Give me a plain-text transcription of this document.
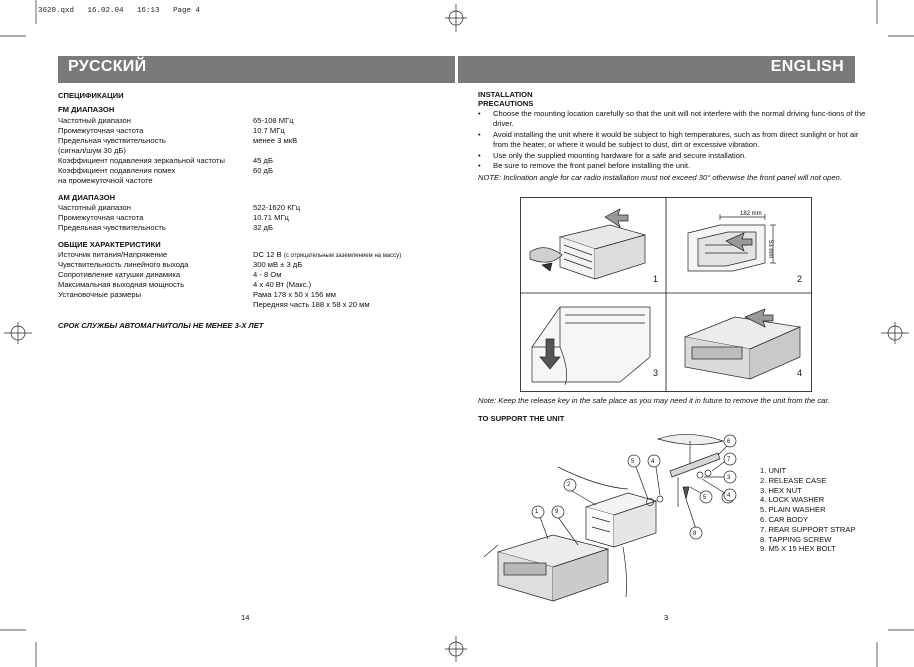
3620.qxd   16.02.04   16:13   Page 4
РУССКИЙ	ENGLISH
СПЕЦИФИКАЦИИ
FM ДИАПАЗОН
Частотный диапазон	65-108 МГц
Промежуточная частота	10.7 МГц
Предельная чувствительность	менее 3 мкВ
(сигнал/шум 30 дБ)
Коэффициент подавления зеркальной частоты	45 дБ
Коэффициент подавления помех	60 дБ
на промежуточной частоте
AM ДИАПАЗОН
Частотный диапазон	522-1620 КГц
Промежуточная частота	10.71 МГц
Предельная чувствительность	32 дБ
ОБЩИЕ ХАРАКТЕРИСТИКИ
Источник питания/Напряжение	DC 12 В (с отрицательным заземлением на массу)
Чувствительность линейного выхода	300 мВ ± 3 дБ
Сопротивление катушки динамика	4 - 8 Ом
Максимальная выходная мощность	4 x 40 Вт (Макс.)
Установочные размеры	Рама 178 x 50 x 156 мм
Передняя часть 188 x 58 x 20 мм
СРОК СЛУЖБЫ АВТОМАГНИТОЛЫ НЕ МЕНЕЕ 3-Х ЛЕТ
14
INSTALLATION
PRECAUTIONS
• Choose the mounting location carefully so that the unit will not interfere with the normal driving func-tions of the driver.
• Avoid installing the unit where it would be subject to high temperatures, such as from direct sunlight or hot air from the heater, or where it would be subject to dust, dirt or excessive vibration.
• Use only the supplied mounting hardware for a safe and secure installation.
• Be sure to remove the front panel before installing the unit.
NOTE: Inclination angle for car radio installation must not exceed 30° otherwise the front panel will not open.
1	2
3	4
182 mm
53 mm
Note: Keep the release key in the safe place as you may need it in future to remove the unit from the car.
TO SUPPORT THE UNIT
1
2
3
4
5
6
7
8
9
4
5
1. UNIT
2. RELEASE CASE
3. HEX NUT
4. LOCK WASHER
5. PLAIN WASHER
6. CAR BODY
7. REAR SUPPORT STRAP
8. TAPPING SCREW
9. M5 X 15 HEX BOLT
3
